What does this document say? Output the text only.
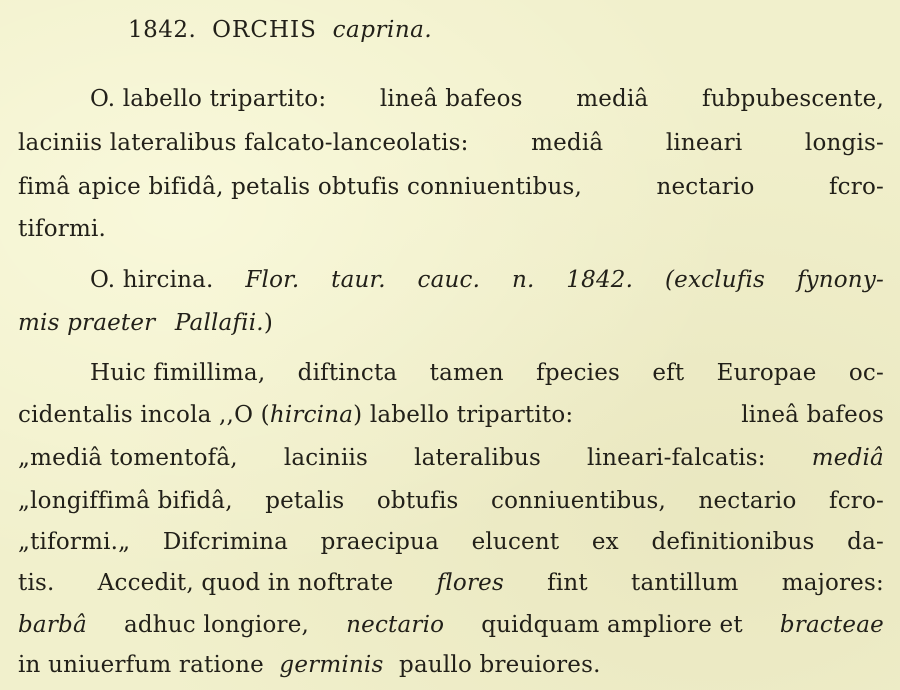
1842. ORCHIS caprina.
O. labello tripartito: lineâ bafeos mediâ fubpubescente,
laciniis lateralibus falcato-lanceolatis:	mediâ	lineari	longis-
fimâ apice bifidâ, petalis obtufis conniuentibus,	nectario	fcro-
tiformi.
O. hircina. Flor. taur. cauc. n. 1842. (exclufis fynony-
mis praeter Pallafii.)
Huic fimillima, diftincta tamen fpecies eft Europae oc-
cidentalis incola ,,O (hircina) labello tripartito:	lineâ bafeos
„mediâ tomentofâ, laciniis lateralibus lineari-falcatis: mediâ
„longiffimâ bifidâ, petalis obtufis conniuentibus, nectario fcro-
„tiformi.„ Difcrimina praecipua elucent ex definitionibus da-
tis. Accedit, quod in noftrate flores fint tantillum majores:
barbâ adhuc longiore, nectario quidquam ampliore et bracteae
in uniuerfum ratione germinis paullo breuiores.
